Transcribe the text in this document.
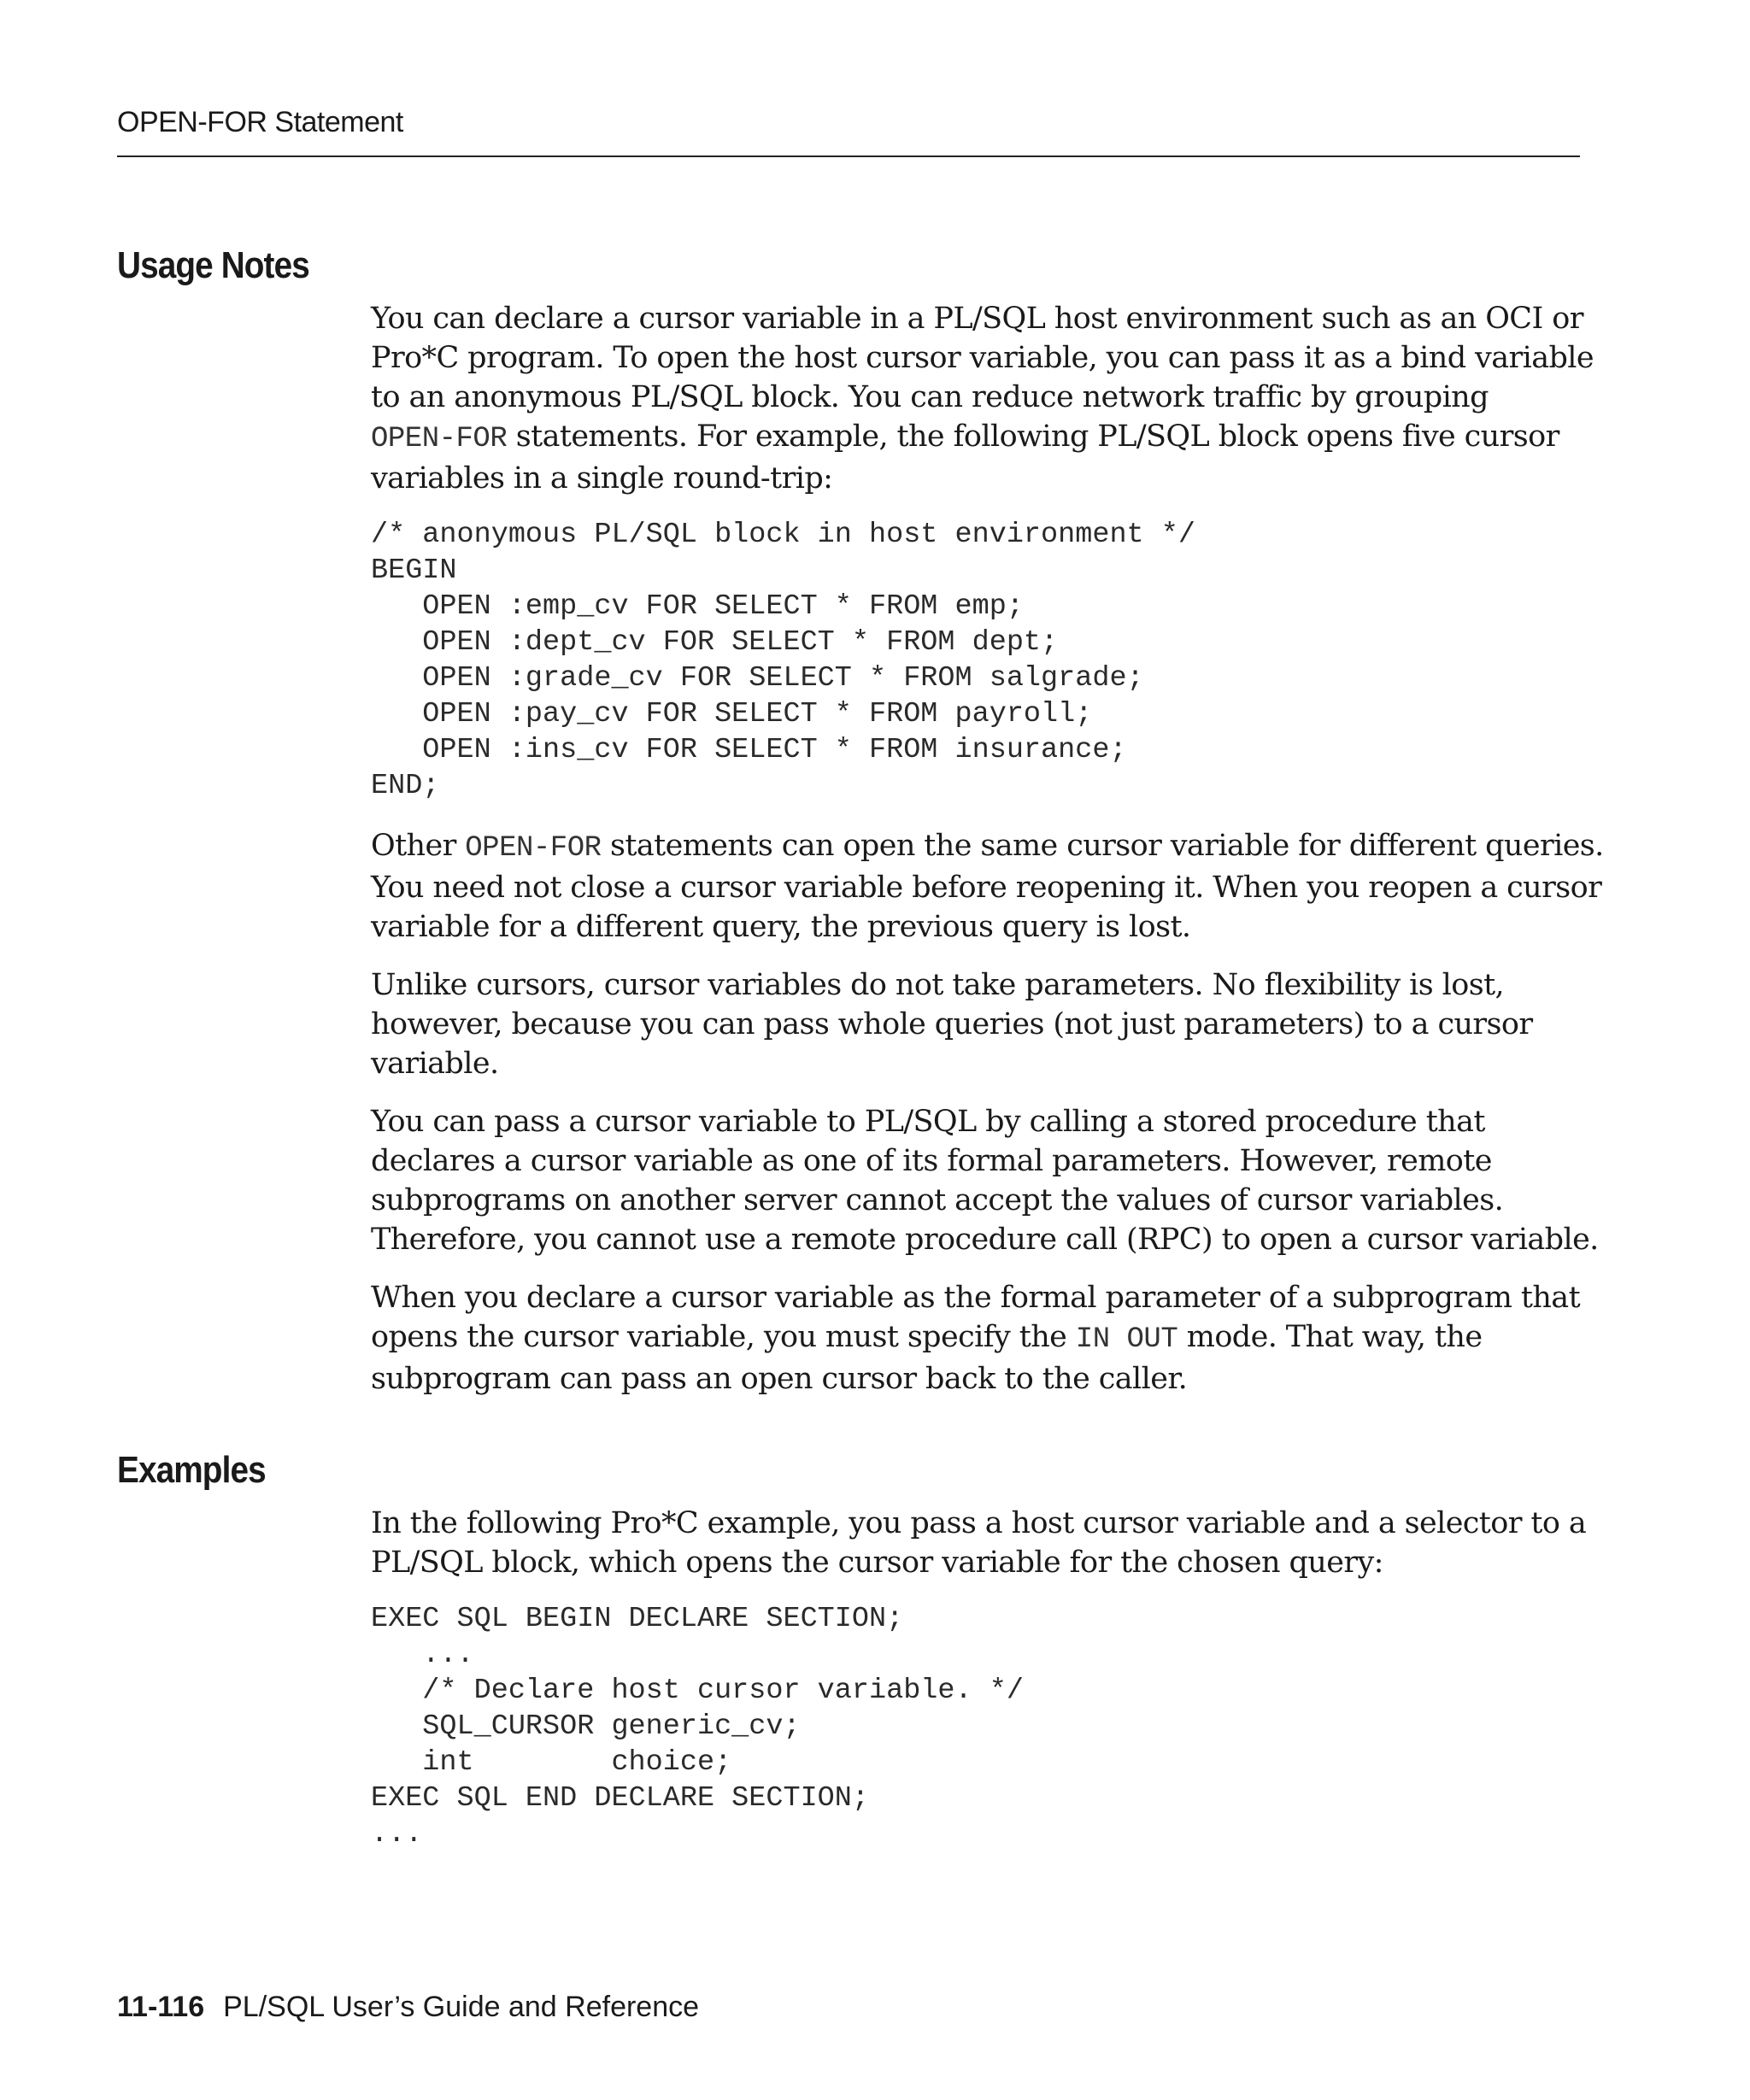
OPEN-FOR Statement
Usage Notes

You can declare a cursor variable in a PL/SQL host environment such as an OCI or
Pro*C program. To open the host cursor variable, you can pass it as a bind variable
to an anonymous PL/SQL block. You can reduce network traffic by grouping
OPEN-FOR statements. For example, the following PL/SQL block opens five cursor
variables in a single round-trip:

/* anonymous PL/SQL block in host environment */
BEGIN
OPEN :emp_cv FOR SELECT * FROM emp;
OPEN :dept_cv FOR SELECT * FROM dept;
OPEN :grade_cv FOR SELECT * FROM salgrade;
OPEN :pay_cv FOR SELECT * FROM payroll;
OPEN :ins_cv FOR SELECT * FROM insurance;
END;

Other OPEN-FOR statements can open the same cursor variable for different queries.
You need not close a cursor variable before reopening it. When you reopen a cursor
variable for a different query, the previous query is lost.

Unlike cursors, cursor variables do not take parameters. No flexibility is lost,
however, because you can pass whole queries (not just parameters) to a cursor
variable.

You can pass a cursor variable to PL/SQL by calling a stored procedure that
declares a cursor variable as one of its formal parameters. However, remote
subprograms on another server cannot accept the values of cursor variables.
Therefore, you cannot use a remote procedure call (RPC) to open a cursor variable.

When you declare a cursor variable as the formal parameter of a subprogram that
opens the cursor variable, you must specify the IN OUT mode. That way, the
subprogram can pass an open cursor back to the caller.

Examples

In the following Pro*C example, you pass a host cursor variable and a selector to a
PL/SQL block, which opens the cursor variable for the chosen query:

EXEC SQL BEGIN DECLARE SECTION;
...
/* Declare host cursor variable. */
SQL_CURSOR generic_cv;
int        choice;
EXEC SQL END DECLARE SECTION;
...
11-116 PL/SQL User’s Guide and Reference
